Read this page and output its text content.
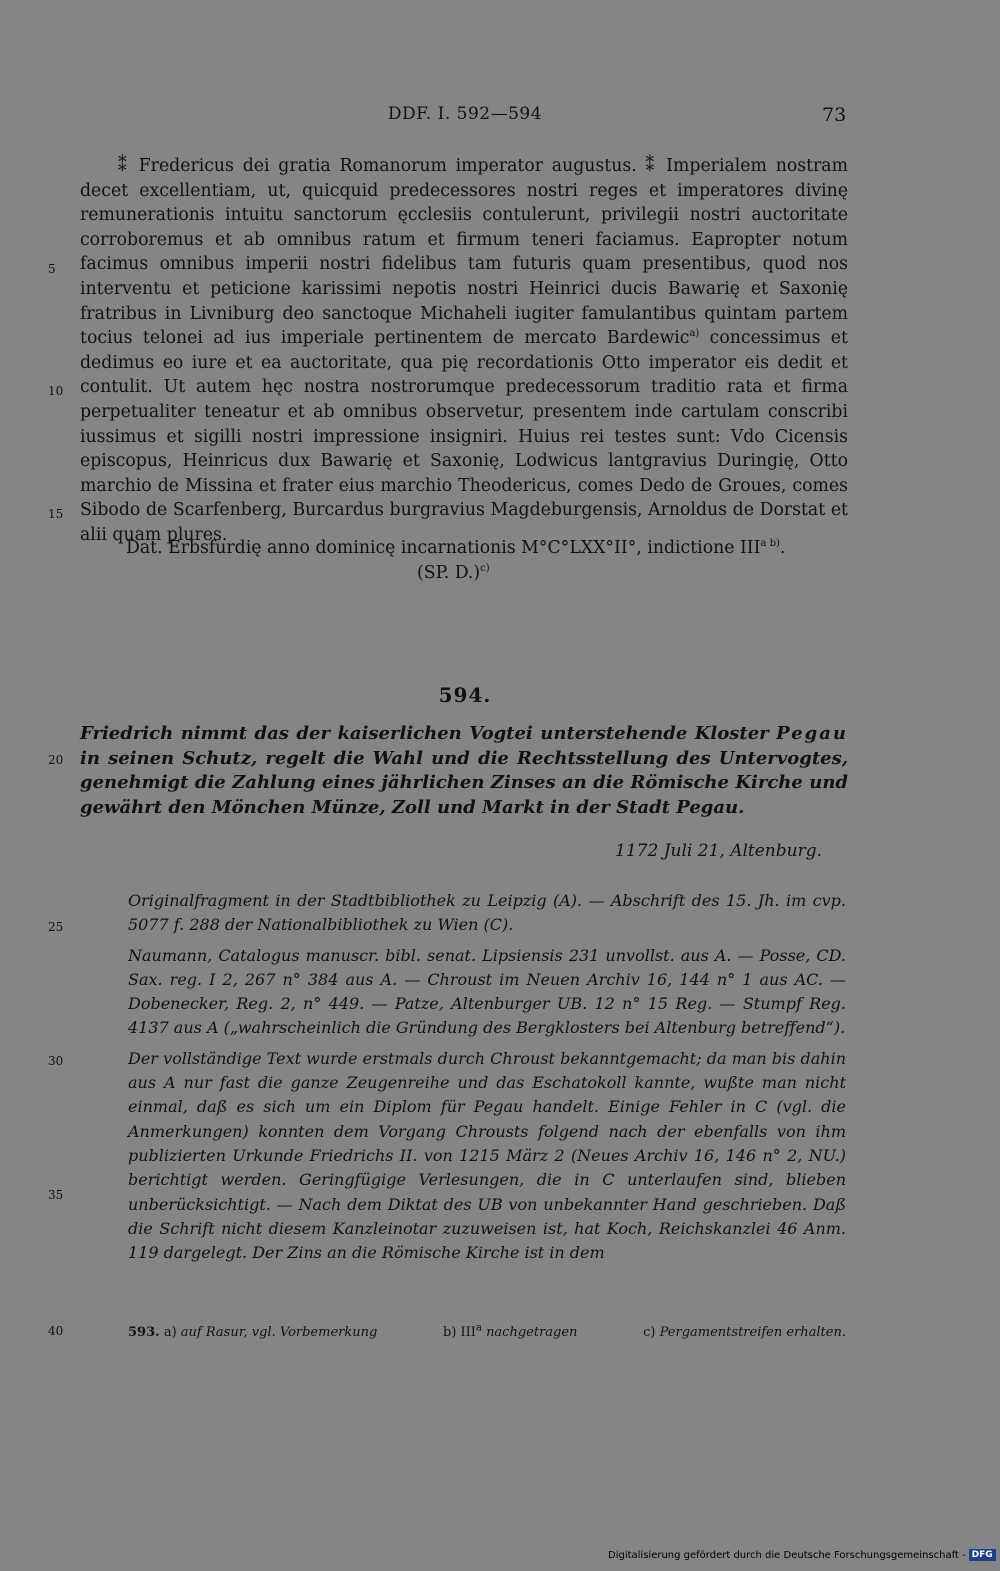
DDF. I. 592—594	73

⁑ Fredericus dei gratia Romanorum imperator augustus. ⁑ Imperialem nostram decet excellentiam, ut, quicquid predecessores nostri reges et imperatores divinę remunerationis intuitu sanctorum ęcclesiis contulerunt, privilegii nostri auctoritate corroboremus et ab omnibus ratum et firmum teneri faciamus. Eapropter notum facimus omnibus imperii nostri fidelibus tam futuris quam presentibus, quod nos interventu et peticione karissimi nepotis nostri Heinrici ducis Bawarię et Saxonię fratribus in Livniburg deo sanctoque Michaheli iugiter famulantibus quintam partem tocius telonei ad ius imperiale pertinentem de mercato Bardewic$^{a)}$ concessimus et dedimus eo iure et ea auctoritate, qua pię recordationis Otto imperator eis dedit et contulit. Ut autem hęc nostra nostrorumque predecessorum traditio rata et firma perpetualiter teneatur et ab omnibus observetur, presentem inde cartulam conscribi iussimus et sigilli nostri impressione insigniri. Huius rei testes sunt: Vdo Cicensis episcopus, Heinricus dux Bawarię et Saxonię, Lodwicus lantgravius Duringię, Otto marchio de Missina et frater eius marchio Theodericus, comes Dedo de Groues, comes Sibodo de Scarfenberg, Burcardus burgravius Magdeburgensis, Arnoldus de Dorstat et alii quam plures.

5
10
15
20
25
30
35
40
Dat. Erbsfurdię anno dominicę incarnationis M°C°LXX°II°, indictione $III^{a b)}$.
(SP. D.)$^{c)}$
594.
Friedrich nimmt das der kaiserlichen Vogtei unterstehende Kloster Pegau in seinen Schutz, regelt die Wahl und die Rechtsstellung des Untervogtes, genehmigt die Zahlung eines jährlichen Zinses an die Römische Kirche und gewährt den Mönchen Münze, Zoll und Markt in der Stadt Pegau.
1172 Juli 21, Altenburg.

Originalfragment in der Stadtbibliothek zu Leipzig (A). — Abschrift des 15. Jh. im cvp. 5077 f. 288 der Nationalbibliothek zu Wien (C).

Naumann, Catalogus manuscr. bibl. senat. Lipsiensis 231 unvollst. aus A. — Posse, CD. Sax. reg. I 2, 267 n° 384 aus A. — Chroust im Neuen Archiv 16, 144 n° 1 aus AC. — Dobenecker, Reg. 2, n° 449. — Patze, Altenburger UB. 12 n° 15 Reg. — Stumpf Reg. 4137 aus A („wahrscheinlich die Gründung des Bergklosters bei Altenburg betreffend“).

Der vollständige Text wurde erstmals durch Chroust bekanntgemacht; da man bis dahin aus A nur fast die ganze Zeugenreihe und das Eschatokoll kannte, wußte man nicht einmal, daß es sich um ein Diplom für Pegau handelt. Einige Fehler in C (vgl. die Anmerkungen) konnten dem Vorgang Chrousts folgend nach der ebenfalls von ihm publizierten Urkunde Friedrichs II. von 1215 März 2 (Neues Archiv 16, 146 n° 2, NU.) berichtigt werden. Geringfügige Verlesungen, die in C unterlaufen sind, blieben unberücksichtigt. — Nach dem Diktat des UB von unbekannter Hand geschrieben. Daß die Schrift nicht diesem Kanzleinotar zuzuweisen ist, hat Koch, Reichskanzlei 46 Anm. 119 dargelegt. Der Zins an die Römische Kirche ist in dem

593. a) auf Rasur, vgl. Vorbemerkung	b) III$^a$ nachgetragen	c) Pergamentstreifen erhalten.
Digitalisierung gefördert durch die Deutsche Forschungsgemeinschaft - DFG
